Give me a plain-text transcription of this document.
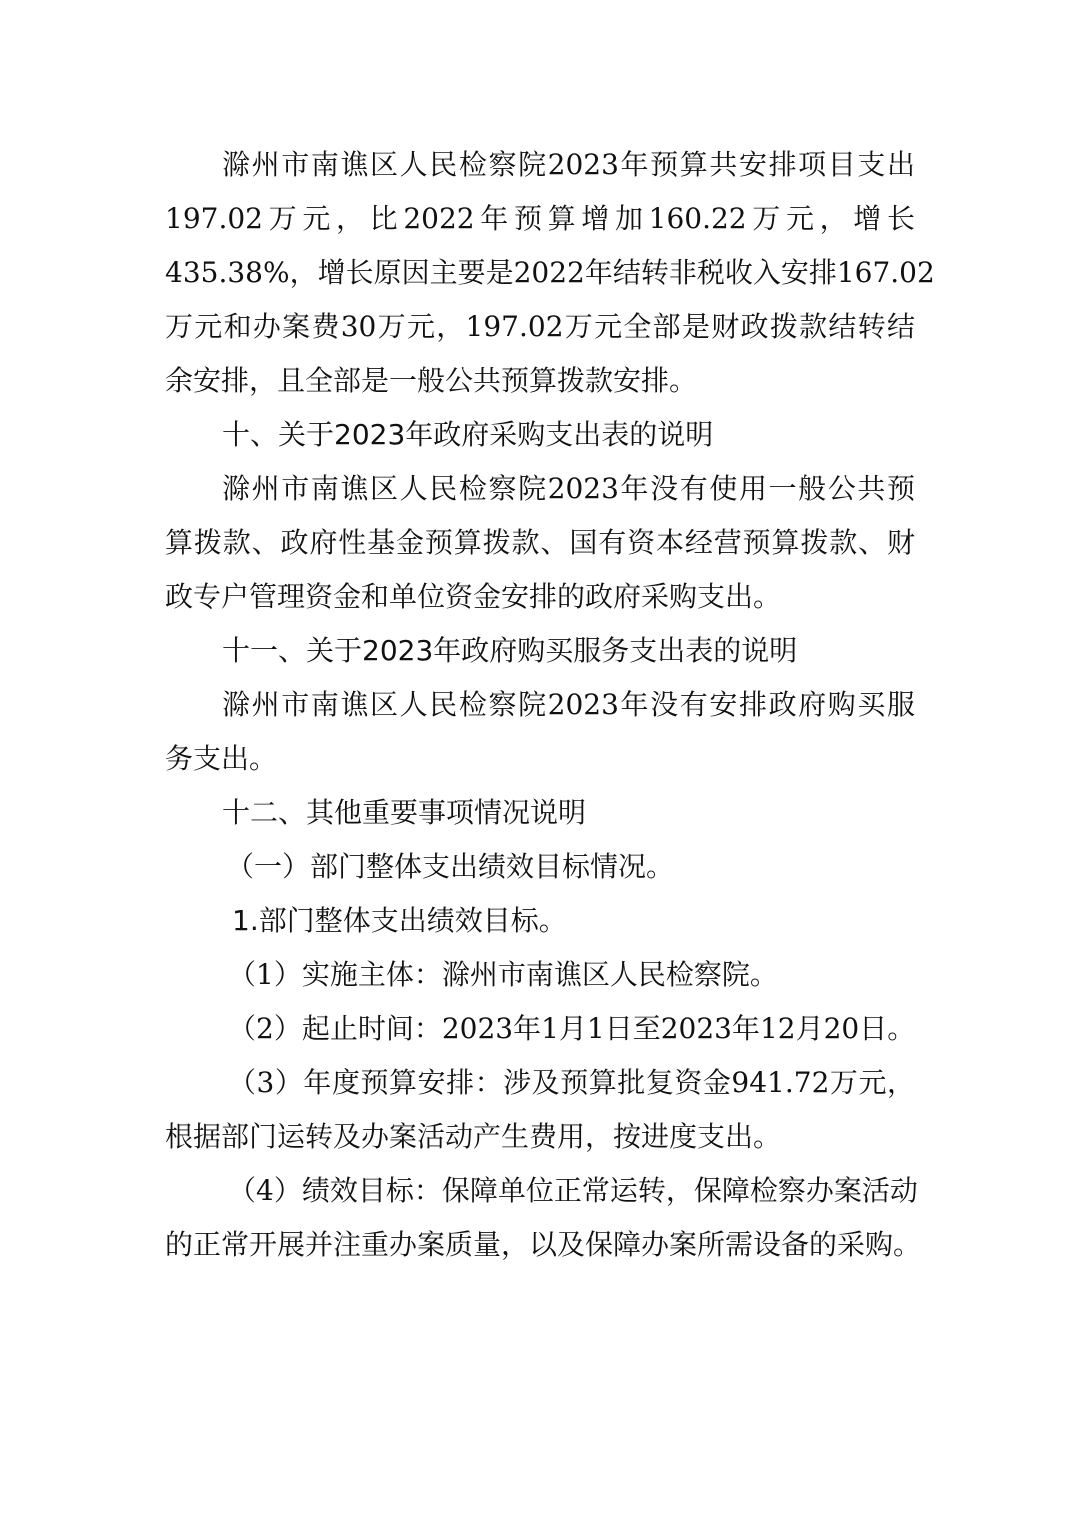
滁州市南谯区人民检察院2023年预算共安排项目支出
197.02万元，比2022年预算增加160.22万元，增长
435.38%，增长原因主要是2022年结转非税收入安排167.02
万元和办案费30万元，197.02万元全部是财政拨款结转结
余安排，且全部是一般公共预算拨款安排。
十、关于2023年政府采购支出表的说明
滁州市南谯区人民检察院2023年没有使用一般公共预
算拨款、政府性基金预算拨款、国有资本经营预算拨款、财
政专户管理资金和单位资金安排的政府采购支出。
十一、关于2023年政府购买服务支出表的说明
滁州市南谯区人民检察院2023年没有安排政府购买服
务支出。
十二、其他重要事项情况说明
（一）部门整体支出绩效目标情况。
1.部门整体支出绩效目标。
（1）实施主体：滁州市南谯区人民检察院。
（2）起止时间：2023年1月1日至2023年12月20日。
（3）年度预算安排：涉及预算批复资金941.72万元，
根据部门运转及办案活动产生费用，按进度支出。
（4）绩效目标：保障单位正常运转，保障检察办案活动
的正常开展并注重办案质量，以及保障办案所需设备的采购。
